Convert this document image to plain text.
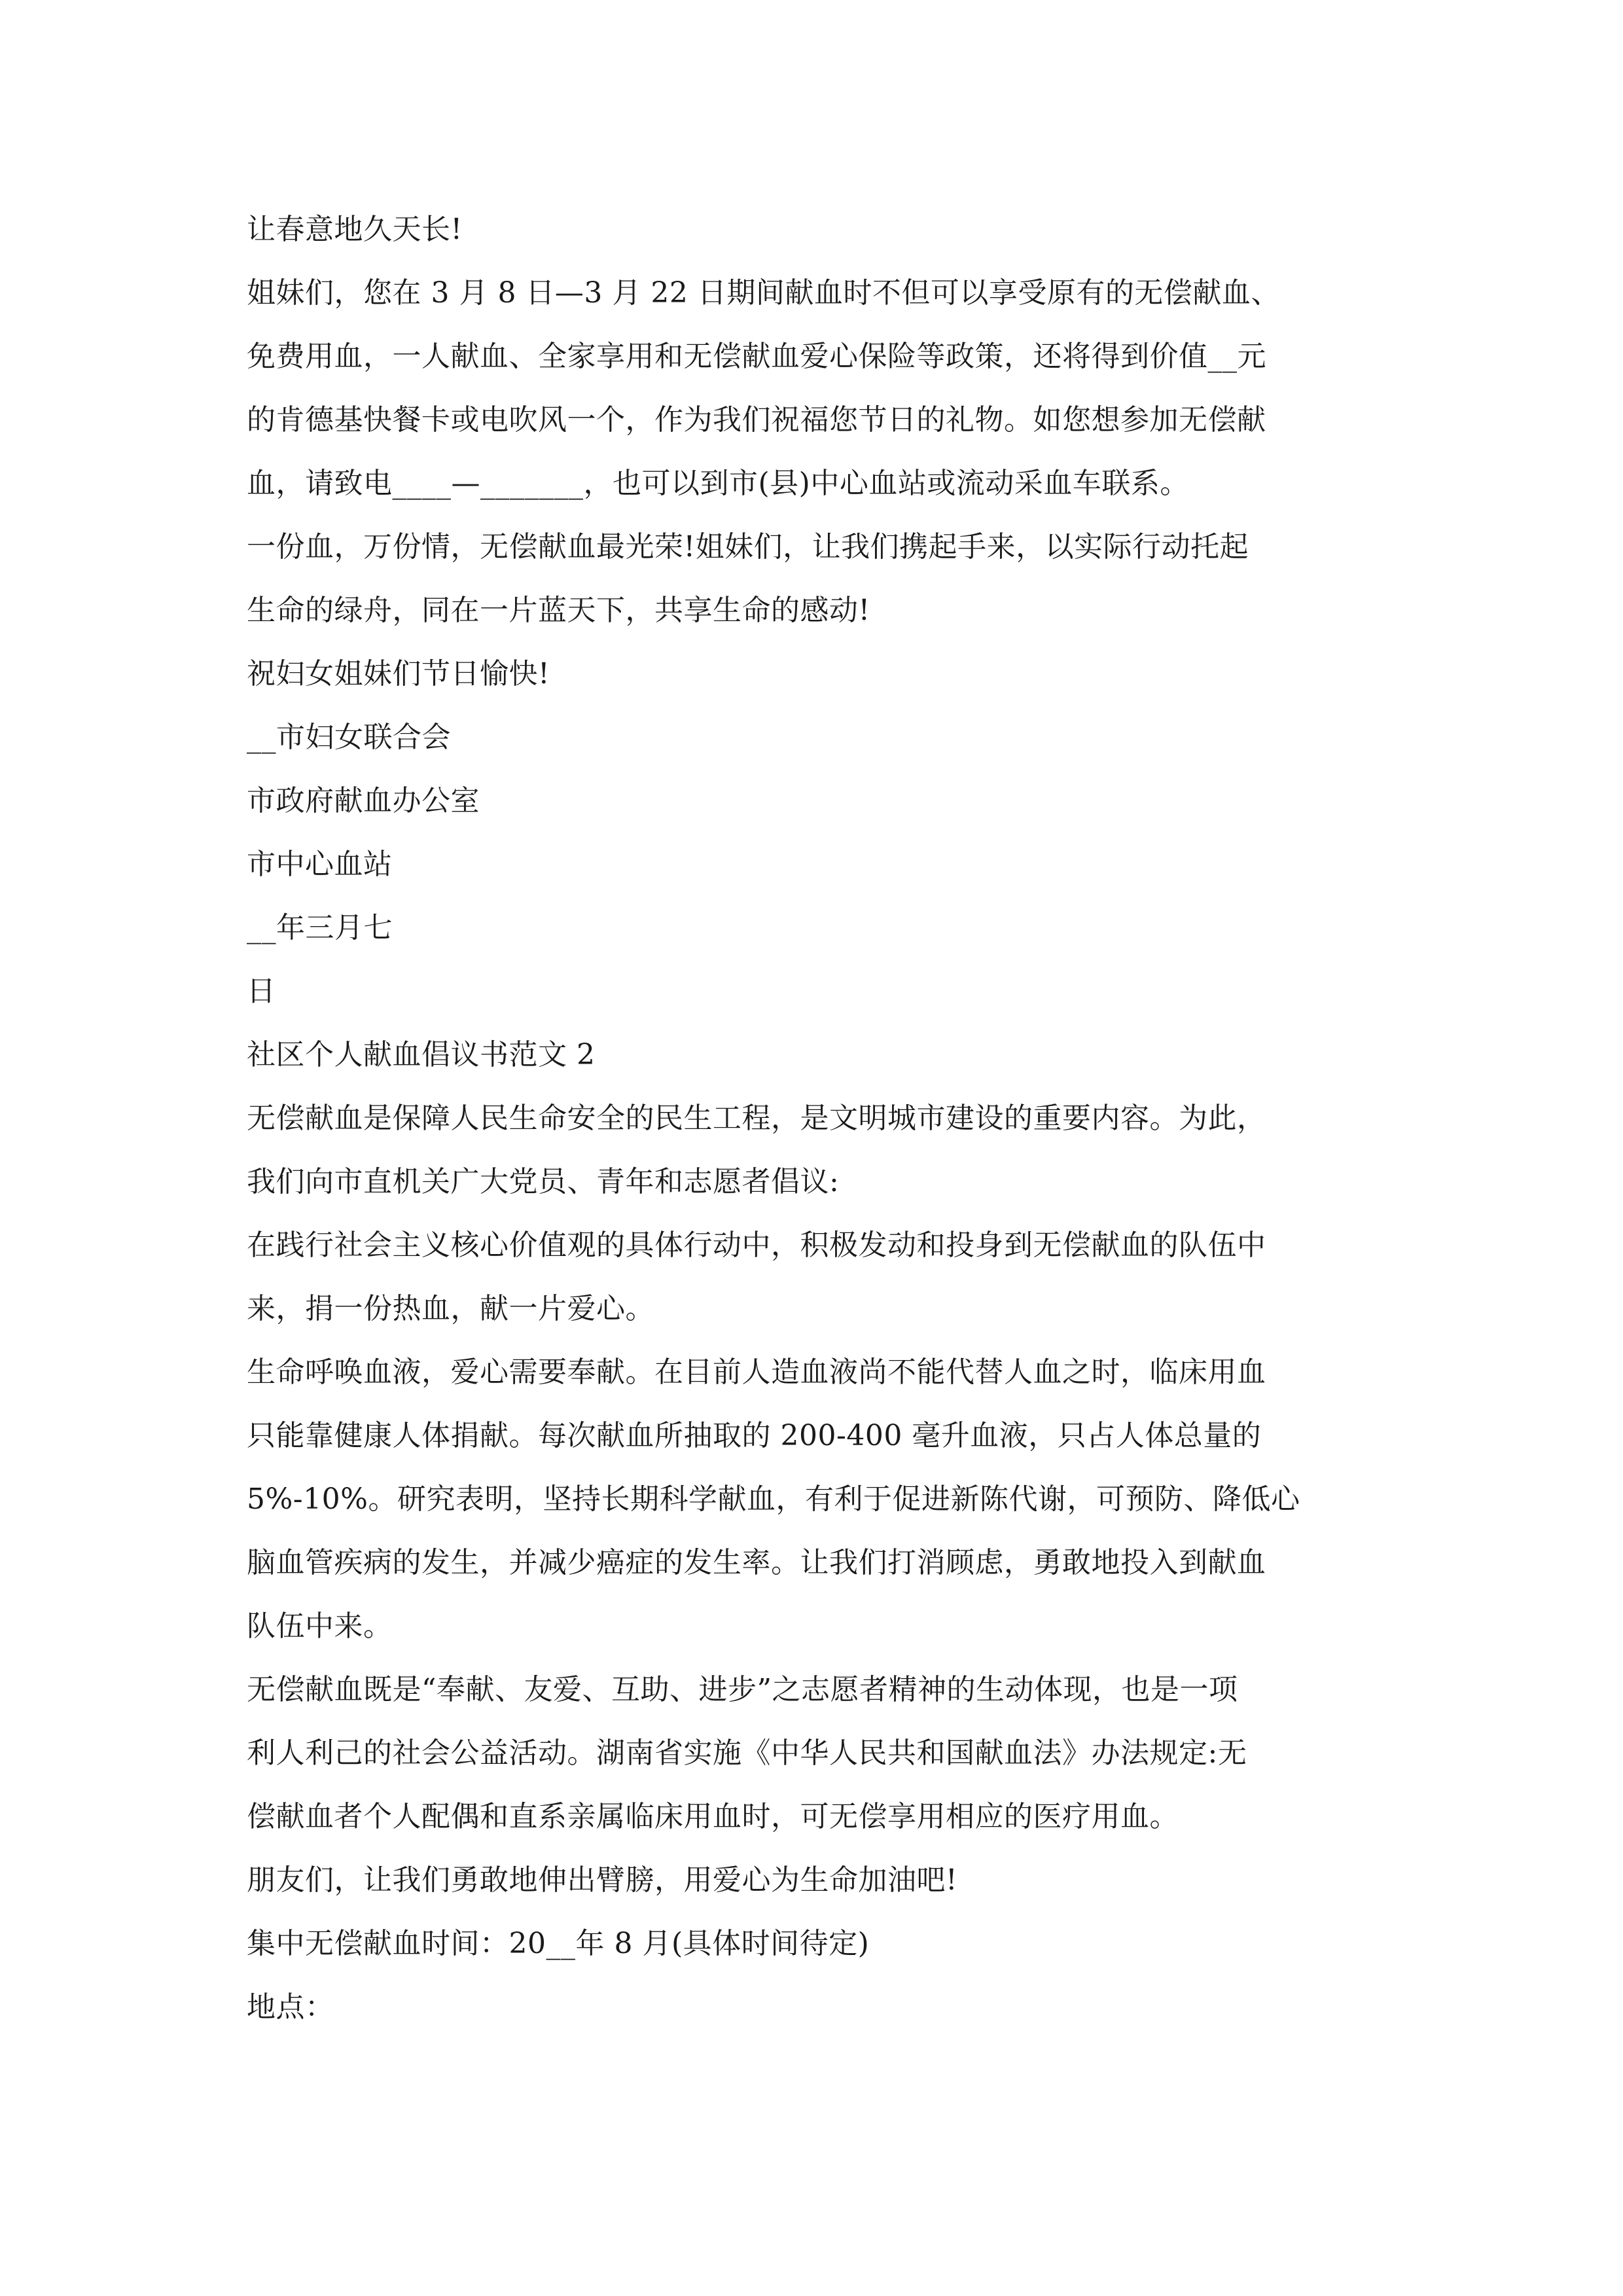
让春意地久天长!
姐妹们，您在 3 月 8 日—3 月 22 日期间献血时不但可以享受原有的无偿献血、
免费用血，一人献血、全家享用和无偿献血爱心保险等政策，还将得到价值__元
的肯德基快餐卡或电吹风一个，作为我们祝福您节日的礼物。如您想参加无偿献
血，请致电____—_______，也可以到市(县)中心血站或流动采血车联系。
一份血，万份情，无偿献血最光荣!姐妹们，让我们携起手来，以实际行动托起
生命的绿舟，同在一片蓝天下，共享生命的感动!
祝妇女姐妹们节日愉快!
__市妇女联合会
市政府献血办公室
市中心血站
__年三月七
日
社区个人献血倡议书范文 2
无偿献血是保障人民生命安全的民生工程，是文明城市建设的重要内容。为此，
我们向市直机关广大党员、青年和志愿者倡议:
在践行社会主义核心价值观的具体行动中，积极发动和投身到无偿献血的队伍中
来，捐一份热血，献一片爱心。
生命呼唤血液，爱心需要奉献。在目前人造血液尚不能代替人血之时，临床用血
只能靠健康人体捐献。每次献血所抽取的 200-400 毫升血液，只占人体总量的
5%-10%。研究表明，坚持长期科学献血，有利于促进新陈代谢，可预防、降低心
脑血管疾病的发生，并减少癌症的发生率。让我们打消顾虑，勇敢地投入到献血
队伍中来。
无偿献血既是“奉献、友爱、互助、进步”之志愿者精神的生动体现，也是一项
利人利己的社会公益活动。湖南省实施《中华人民共和国献血法》办法规定:无
偿献血者个人配偶和直系亲属临床用血时，可无偿享用相应的医疗用血。
朋友们，让我们勇敢地伸出臂膀，用爱心为生命加油吧!
集中无偿献血时间：20__年 8 月(具体时间待定)
地点：
